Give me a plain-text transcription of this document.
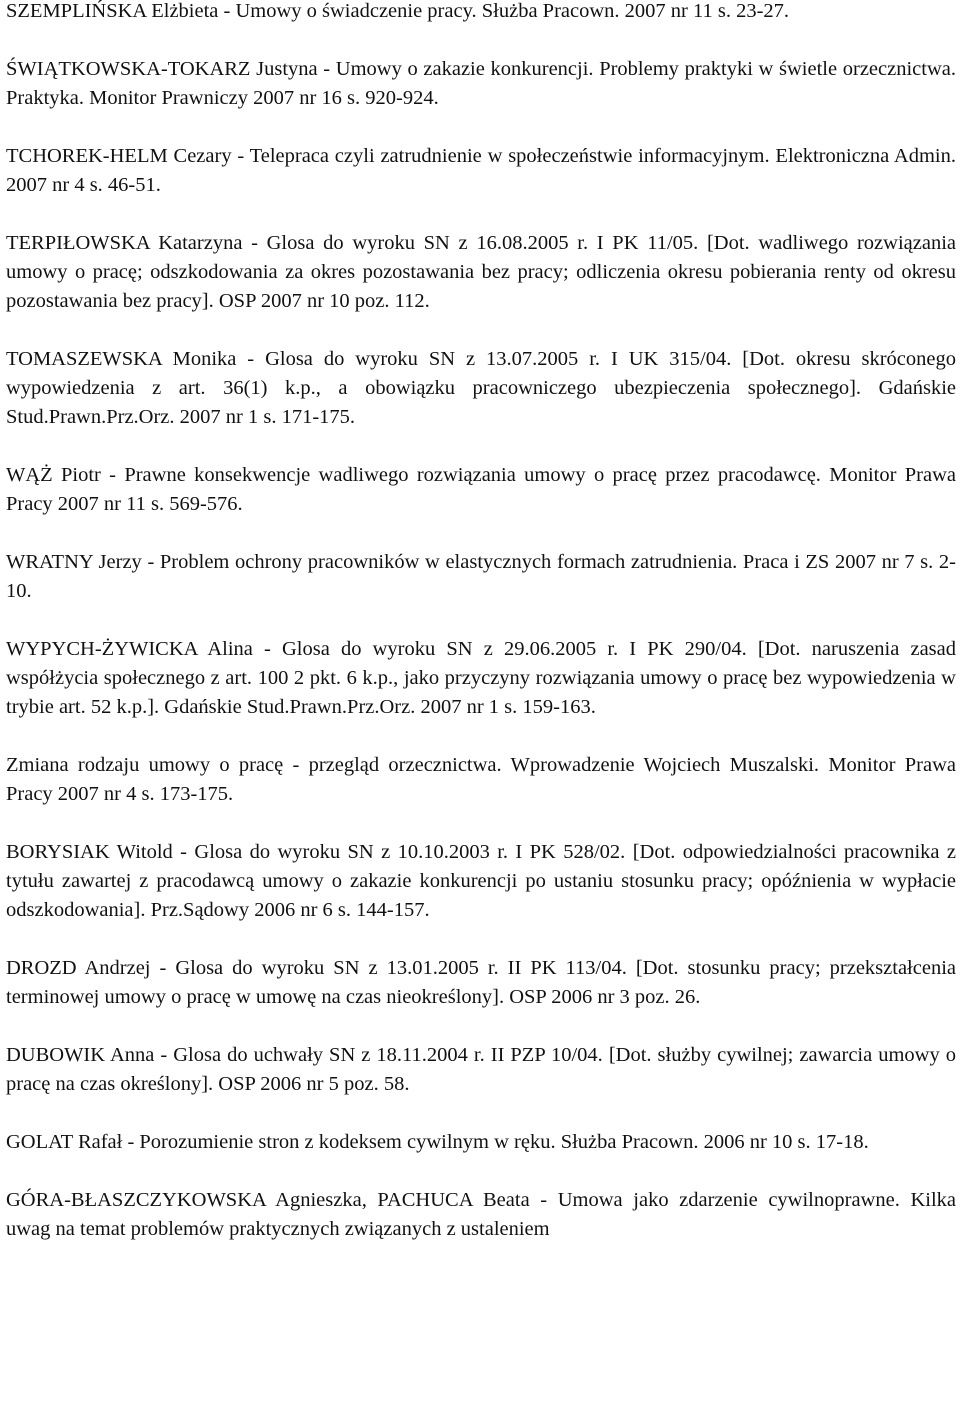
SZEMPLIŃSKA Elżbieta - Umowy o świadczenie pracy. Służba Pracown. 2007 nr 11 s. 23-27.

ŚWIĄTKOWSKA-TOKARZ Justyna - Umowy o zakazie konkurencji. Problemy praktyki w świetle orzecznictwa. Praktyka. Monitor Prawniczy 2007 nr 16 s. 920-924.

TCHOREK-HELM Cezary - Telepraca czyli zatrudnienie w społeczeństwie informacyjnym. Elektroniczna Admin. 2007 nr 4 s. 46-51.

TERPIŁOWSKA Katarzyna - Glosa do wyroku SN z 16.08.2005 r. I PK 11/05. [Dot. wadliwego rozwiązania umowy o pracę; odszkodowania za okres pozostawania bez pracy; odliczenia okresu pobierania renty od okresu pozostawania bez pracy]. OSP 2007 nr 10 poz. 112.

TOMASZEWSKA Monika - Glosa do wyroku SN z 13.07.2005 r. I UK 315/04. [Dot. okresu skróconego wypowiedzenia z art. 36(1) k.p., a obowiązku pracowniczego ubezpieczenia społecznego]. Gdańskie Stud.Prawn.Prz.Orz. 2007 nr 1 s. 171-175.

WĄŻ Piotr - Prawne konsekwencje wadliwego rozwiązania umowy o pracę przez pracodawcę. Monitor Prawa Pracy 2007 nr 11 s. 569-576.

WRATNY Jerzy - Problem ochrony pracowników w elastycznych formach zatrudnienia. Praca i ZS 2007 nr 7 s. 2-10.

WYPYCH-ŻYWICKA Alina - Glosa do wyroku SN z 29.06.2005 r. I PK 290/04. [Dot. naruszenia zasad współżycia społecznego z art. 100 2 pkt. 6 k.p., jako przyczyny rozwiązania umowy o pracę bez wypowiedzenia w trybie art. 52 k.p.]. Gdańskie Stud.Prawn.Prz.Orz. 2007 nr 1 s. 159-163.

Zmiana rodzaju umowy o pracę - przegląd orzecznictwa. Wprowadzenie Wojciech Muszalski. Monitor Prawa Pracy 2007 nr 4 s. 173-175.

BORYSIAK Witold - Glosa do wyroku SN z 10.10.2003 r. I PK 528/02. [Dot. odpowiedzialności pracownika z tytułu zawartej z pracodawcą umowy o zakazie konkurencji po ustaniu stosunku pracy; opóźnienia w wypłacie odszkodowania]. Prz.Sądowy 2006 nr 6 s. 144-157.

DROZD Andrzej - Glosa do wyroku SN z 13.01.2005 r. II PK 113/04. [Dot. stosunku pracy; przekształcenia terminowej umowy o pracę w umowę na czas nieokreślony]. OSP 2006 nr 3 poz. 26.

DUBOWIK Anna - Glosa do uchwały SN z 18.11.2004 r. II PZP 10/04. [Dot. służby cywilnej; zawarcia umowy o pracę na czas określony]. OSP 2006 nr 5 poz. 58.

GOLAT Rafał - Porozumienie stron z kodeksem cywilnym w ręku. Służba Pracown. 2006 nr 10 s. 17-18.

GÓRA-BŁASZCZYKOWSKA Agnieszka, PACHUCA Beata - Umowa jako zdarzenie cywilnoprawne. Kilka uwag na temat problemów praktycznych związanych z ustaleniem
